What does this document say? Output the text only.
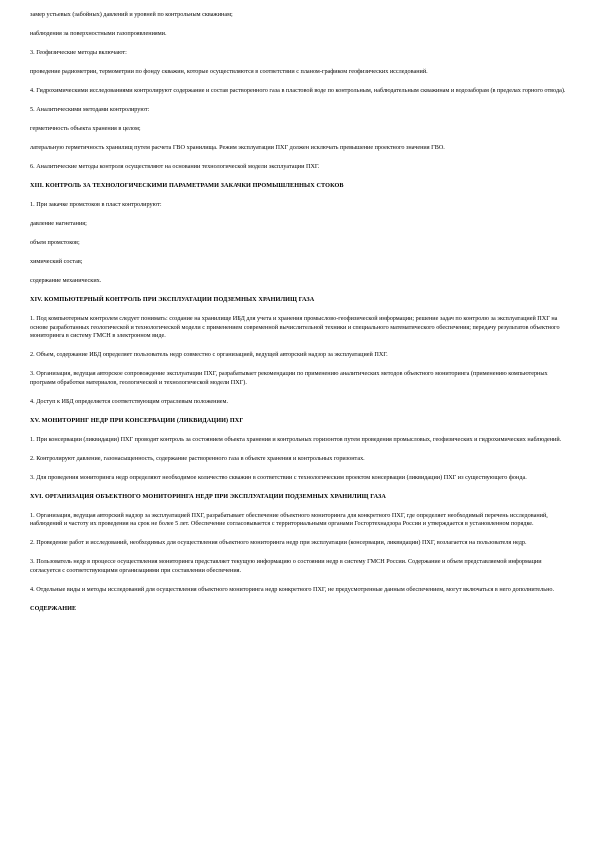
замер устьевых (забойных) давлений и уровней по контрольным скважинам;
наблюдения за поверхностными газопроявлениями.
3. Геофизические методы включают:
проведение радиометрии, термометрии по фонду скважин, которые осуществляются в соответствии с планом-графиком геофизических исследований.
4. Гидрохимическими исследованиями контролируют содержание и состав растворенного газа в пластовой воде по контрольным, наблюдательным скважинам и водозаборам (в пределах горного отвода).
5. Аналитическими методами контролируют:
герметичность объекта хранения в целом;
латеральную герметичность хранилищ путем расчета ГВО хранилища. Режим эксплуатации ПХГ должен исключать превышение проектного значения ГВО.
6. Аналитические методы контроля осуществляют на основании технологической модели эксплуатации ПХГ.
XIII. КОНТРОЛЬ ЗА ТЕХНОЛОГИЧЕСКИМИ ПАРАМЕТРАМИ ЗАКАЧКИ ПРОМЫШЛЕННЫХ СТОКОВ
1. При закачке промстоков в пласт контролируют:
давление нагнетания;
объем промстоков;
химический состав;
содержание механических.
XIV. КОМПЬЮТЕРНЫЙ КОНТРОЛЬ ПРИ ЭКСПЛУАТАЦИИ ПОДЗЕМНЫХ ХРАНИЛИЩ ГАЗА
1. Под компьютерным контролем следует понимать: создание на хранилище ИБД для учета и хранения промыслово-геофизической информации; решение задач по контролю за эксплуатацией ПХГ на основе разработанных геологической и технологической модели с применением современной вычислительной техники и специального математического обеспечения; передачу результатов объектного мониторинга в систему ГМСН в электронном виде.
2. Объем, содержание ИБД определяет пользователь недр совместно с организацией, ведущей авторский надзор за эксплуатацией ПХГ.
3. Организация, ведущая авторское сопровождение эксплуатации ПХГ, разрабатывает рекомендации по применению аналитических методов объектного мониторинга (применению компьютерных программ обработки материалов, геологической и технологической модели ПХГ).
4. Доступ к ИБД определяется соответствующим отраслевым положением.
XV. МОНИТОРИНГ НЕДР ПРИ КОНСЕРВАЦИИ (ЛИКВИДАЦИИ) ПХГ
1. При консервации (ликвидации) ПХГ проводят контроль за состоянием объекта хранения и контрольных горизонтов путем проведения промысловых, геофизических и гидрохимических наблюдений.
2. Контролируют давление, газонасыщенность, содержание растворенного газа в объекте хранения и контрольных горизонтах.
3. Для проведения мониторинга недр определяют необходимое количество скважин в соответствии с технологическим проектом консервации (ликвидации) ПХГ из существующего фонда.
XVI. ОРГАНИЗАЦИЯ ОБЪЕКТНОГО МОНИТОРИНГА НЕДР ПРИ ЭКСПЛУАТАЦИИ ПОДЗЕМНЫХ ХРАНИЛИЩ ГАЗА
1. Организация, ведущая авторский надзор за эксплуатацией ПХГ, разрабатывает обеспечение объектного мониторинга для конкретного ПХГ, где определяет необходимый перечень исследований, наблюдений и частоту их проведения на срок не более 5 лет. Обеспечение согласовывается с территориальными органами Госгортехнадзора России и утверждается в установленном порядке.
2. Проведение работ и исследований, необходимых для осуществления объектного мониторинга недр при эксплуатации (консервации, ликвидации) ПХГ, возлагается на пользователя недр.
3. Пользователь недр в процессе осуществления мониторинга представляет текущую информацию о состоянии недр в систему ГМСН России. Содержание и объем представляемой информации согласуется с соответствующими организациями при составлении обеспечения.
4. Отдельные виды и методы исследований для осуществления объектного мониторинга недр конкретного ПХГ, не предусмотренные данным обеспечением, могут включаться в него дополнительно.
СОДЕРЖАНИЕ
